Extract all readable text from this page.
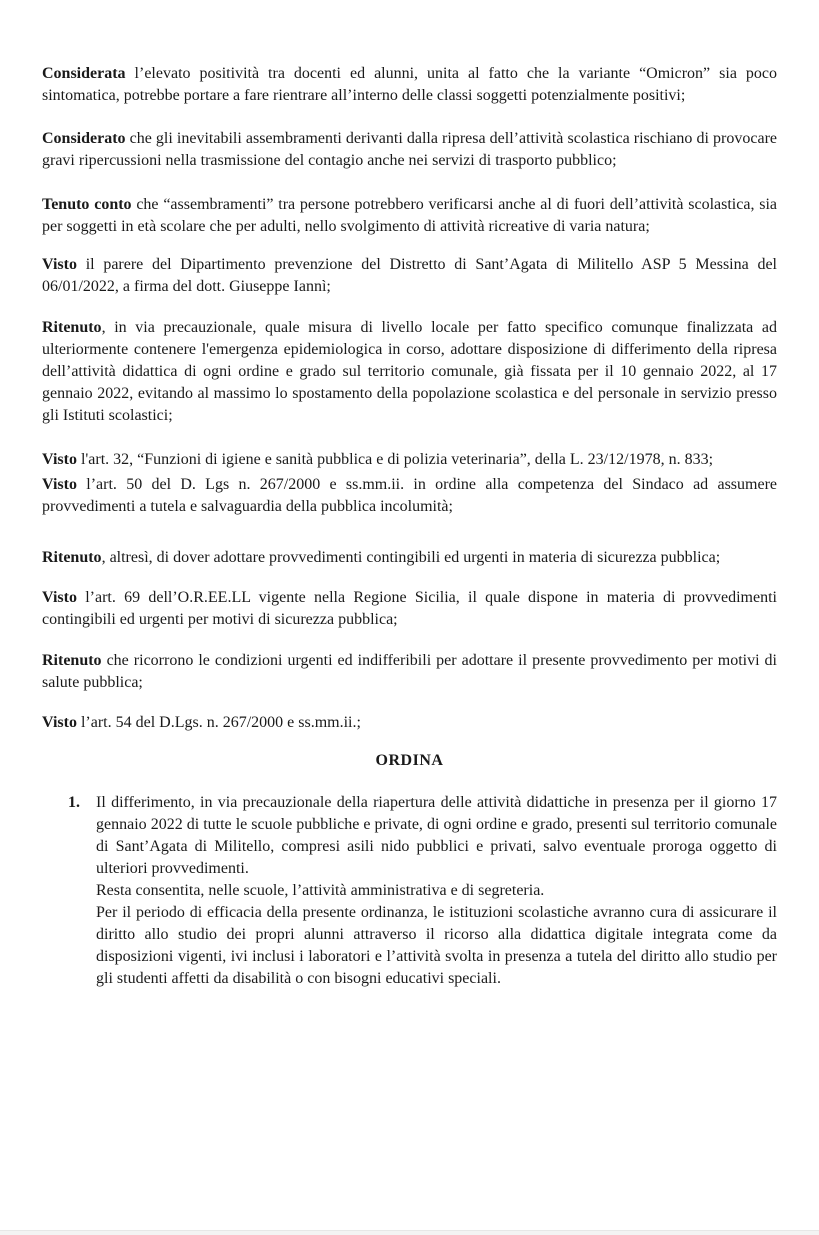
Considerata l’elevato positività tra docenti ed alunni, unita al fatto che la variante “Omicron” sia poco sintomatica, potrebbe portare a fare rientrare all’interno delle classi soggetti potenzialmente positivi;

Considerato che gli inevitabili assembramenti derivanti dalla ripresa dell’attività scolastica rischiano di provocare gravi ripercussioni nella trasmissione del contagio anche nei servizi di trasporto pubblico;

Tenuto conto che “assembramenti” tra persone potrebbero verificarsi anche al di fuori dell’attività scolastica, sia per soggetti in età scolare che per adulti, nello svolgimento di attività ricreative di varia natura;

Visto il parere del Dipartimento prevenzione del Distretto di Sant’Agata di Militello ASP 5 Messina del 06/01/2022, a firma del dott. Giuseppe Iannì;

Ritenuto, in via precauzionale, quale misura di livello locale per fatto specifico comunque finalizzata ad ulteriormente contenere l'emergenza epidemiologica in corso, adottare disposizione di differimento della ripresa dell’attività didattica di ogni ordine e grado sul territorio comunale, già fissata per il 10 gennaio 2022, al 17 gennaio 2022, evitando al massimo lo spostamento della popolazione scolastica e del personale in servizio presso gli Istituti scolastici;

Visto l'art. 32, “Funzioni di igiene e sanità pubblica e di polizia veterinaria”, della L. 23/12/1978, n. 833;

Visto l’art. 50 del D. Lgs n. 267/2000 e ss.mm.ii. in ordine alla competenza del Sindaco ad assumere provvedimenti a tutela e salvaguardia della pubblica incolumità;

Ritenuto, altresì, di dover adottare provvedimenti contingibili ed urgenti in materia di sicurezza pubblica;

Visto l’art. 69 dell’O.R.EE.LL vigente nella Regione Sicilia, il quale dispone in materia di provvedimenti contingibili ed urgenti per motivi di sicurezza pubblica;

Ritenuto che ricorrono le condizioni urgenti ed indifferibili per adottare il presente provvedimento per motivi di salute pubblica;

Visto l’art. 54 del D.Lgs. n. 267/2000 e ss.mm.ii.;

ORDINA
1.	Il differimento, in via precauzionale della riapertura delle attività didattiche in presenza per il giorno 17 gennaio 2022 di tutte le scuole pubbliche e private, di ogni ordine e grado, presenti sul territorio comunale di Sant’Agata di Militello, compresi asili nido pubblici e privati, salvo eventuale proroga oggetto di ulteriori provvedimenti.
Resta consentita, nelle scuole, l’attività amministrativa e di segreteria.
Per il periodo di efficacia della presente ordinanza, le istituzioni scolastiche avranno cura di assicurare il diritto allo studio dei propri alunni attraverso il ricorso alla didattica digitale integrata come da disposizioni vigenti, ivi inclusi i laboratori e l’attività svolta in presenza a tutela del diritto allo studio per gli studenti affetti da disabilità o con bisogni educativi speciali.
